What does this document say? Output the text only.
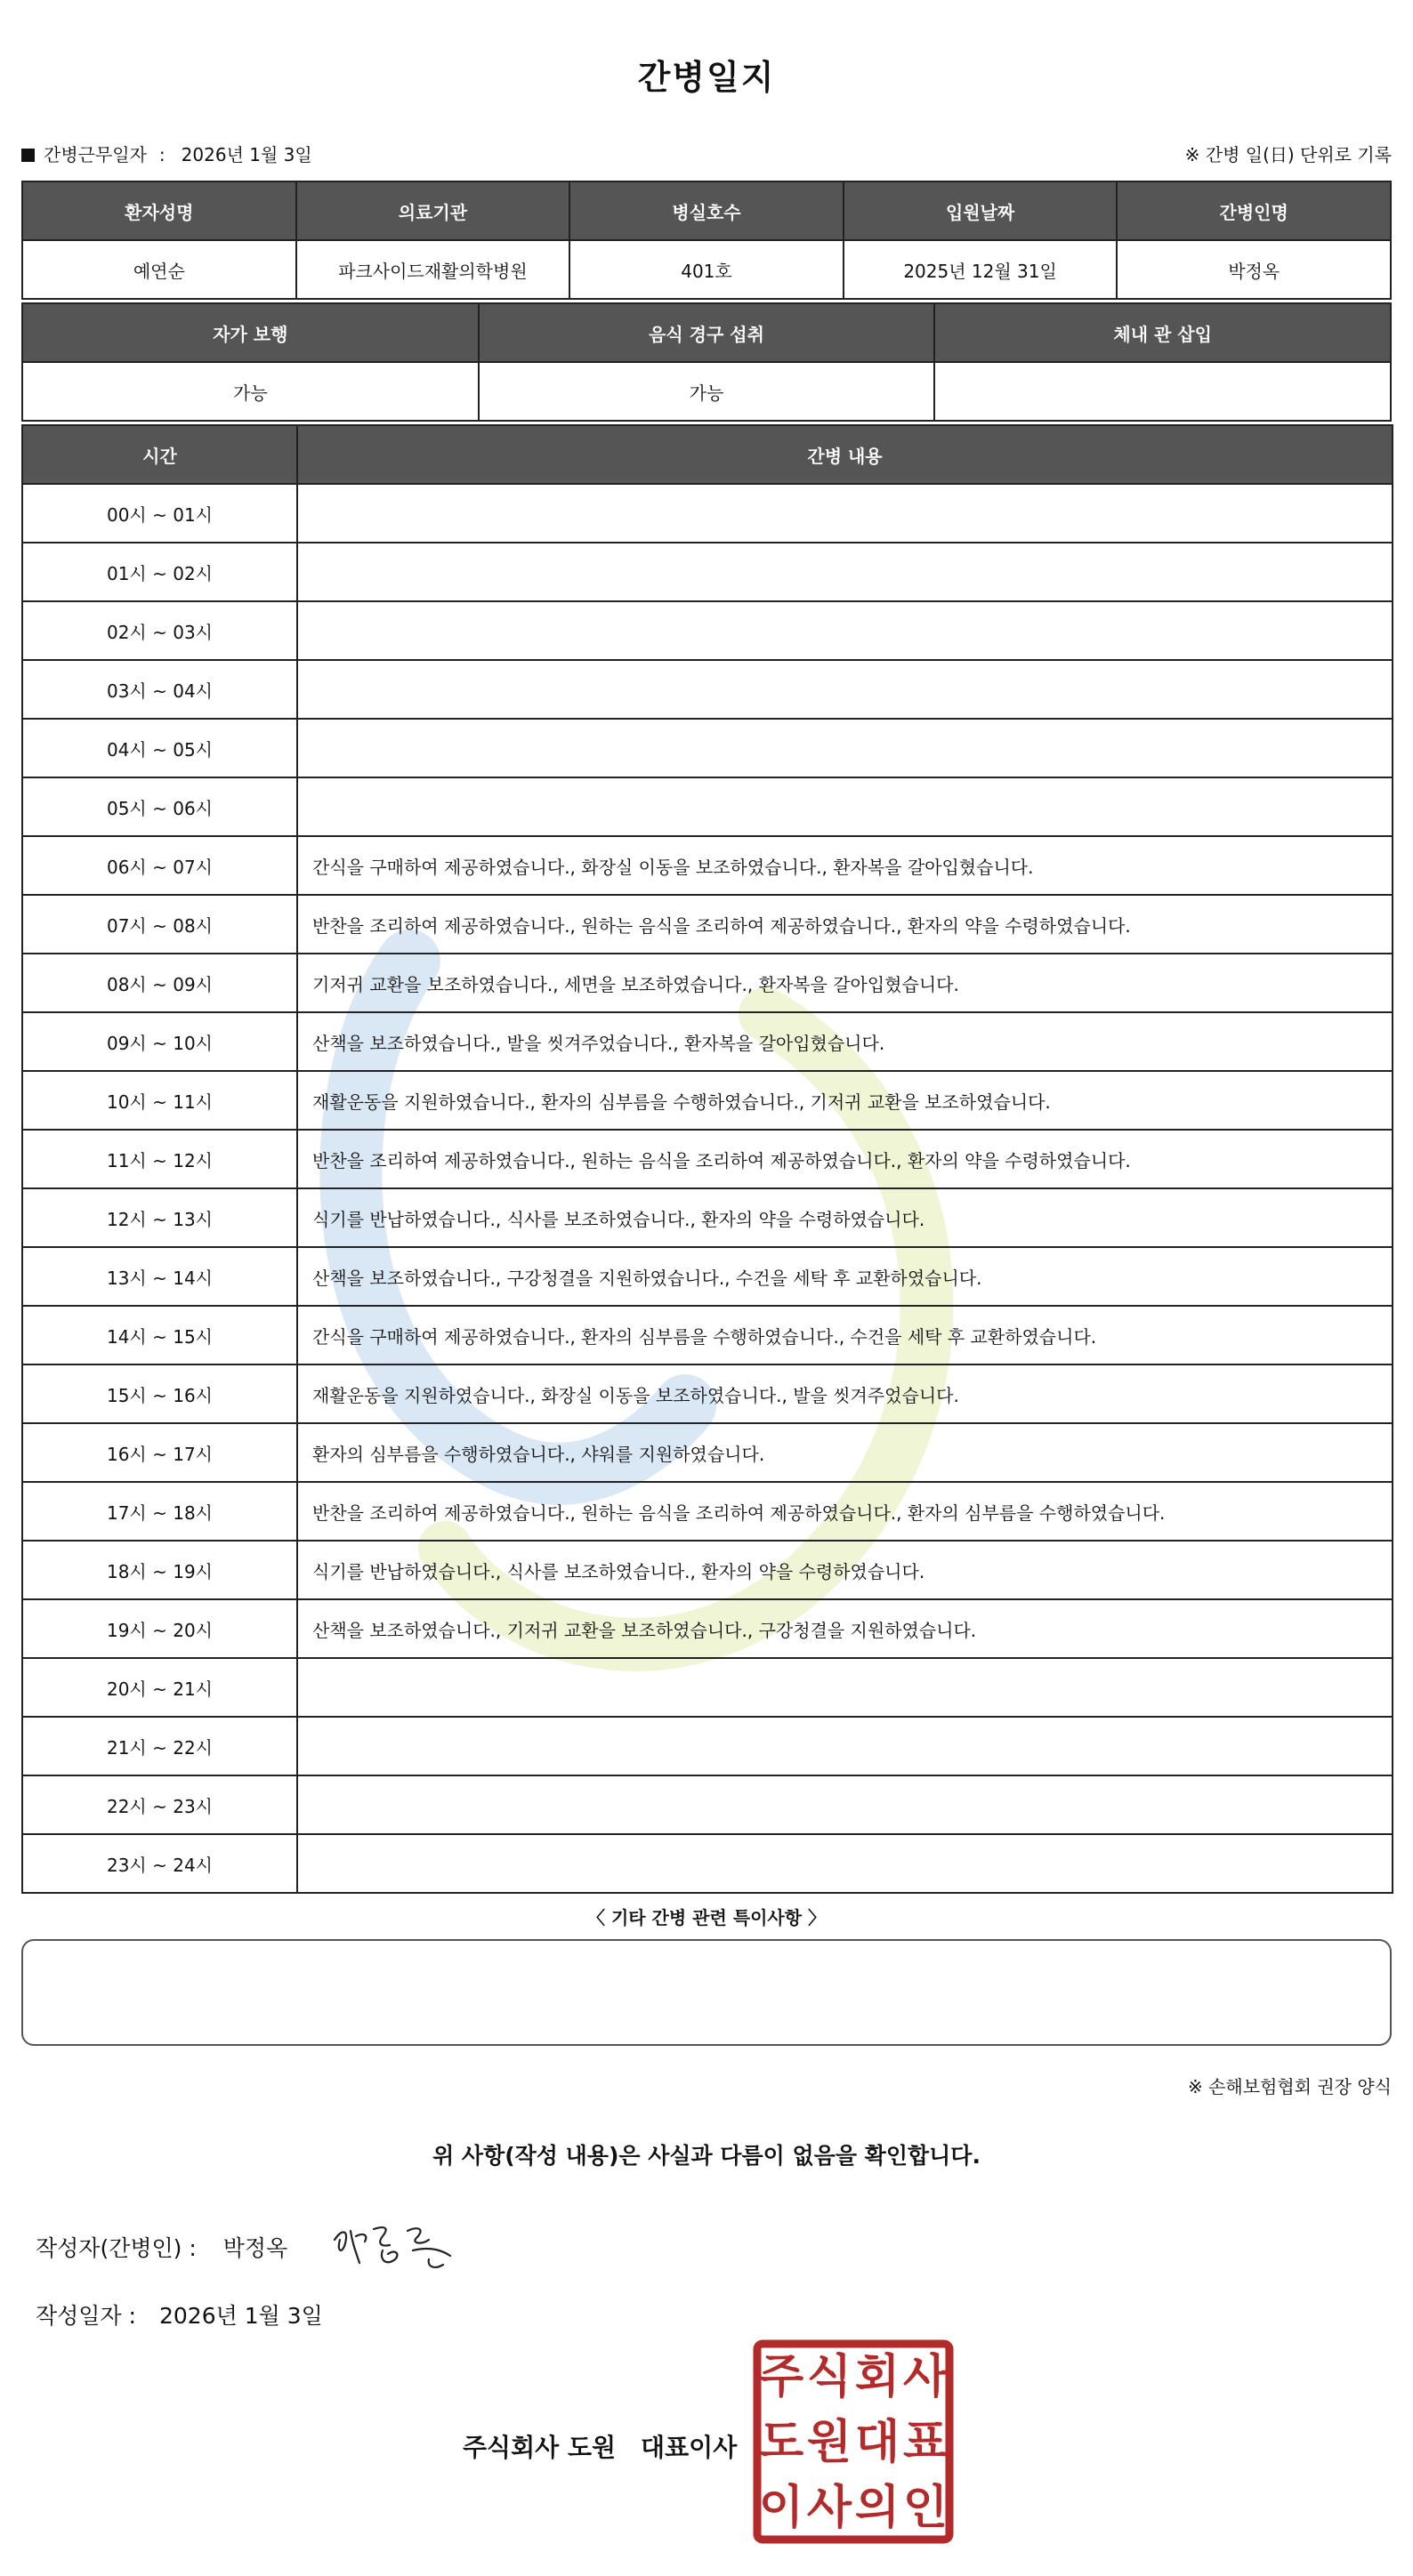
간병일지
간병근무일자 : 2026년 1월 3일	※ 간병 일(日) 단위로 기록
환자성명	의료기관	병실호수	입원날짜	간병인명
예연순	파크사이드재활의학병원	401호	2025년 12월 31일	박정옥
자가 보행	음식 경구 섭취	체내 관 삽입
가능	가능	
시간	간병 내용
00시 ~ 01시	
01시 ~ 02시	
02시 ~ 03시	
03시 ~ 04시	
04시 ~ 05시	
05시 ~ 06시	
06시 ~ 07시	간식을 구매하여 제공하였습니다., 화장실 이동을 보조하였습니다., 환자복을 갈아입혔습니다.
07시 ~ 08시	반찬을 조리하여 제공하였습니다., 원하는 음식을 조리하여 제공하였습니다., 환자의 약을 수령하였습니다.
08시 ~ 09시	기저귀 교환을 보조하였습니다., 세면을 보조하였습니다., 환자복을 갈아입혔습니다.
09시 ~ 10시	산책을 보조하였습니다., 발을 씻겨주었습니다., 환자복을 갈아입혔습니다.
10시 ~ 11시	재활운동을 지원하였습니다., 환자의 심부름을 수행하였습니다., 기저귀 교환을 보조하였습니다.
11시 ~ 12시	반찬을 조리하여 제공하였습니다., 원하는 음식을 조리하여 제공하였습니다., 환자의 약을 수령하였습니다.
12시 ~ 13시	식기를 반납하였습니다., 식사를 보조하였습니다., 환자의 약을 수령하였습니다.
13시 ~ 14시	산책을 보조하였습니다., 구강청결을 지원하였습니다., 수건을 세탁 후 교환하였습니다.
14시 ~ 15시	간식을 구매하여 제공하였습니다., 환자의 심부름을 수행하였습니다., 수건을 세탁 후 교환하였습니다.
15시 ~ 16시	재활운동을 지원하였습니다., 화장실 이동을 보조하였습니다., 발을 씻겨주었습니다.
16시 ~ 17시	환자의 심부름을 수행하였습니다., 샤워를 지원하였습니다.
17시 ~ 18시	반찬을 조리하여 제공하였습니다., 원하는 음식을 조리하여 제공하였습니다., 환자의 심부름을 수행하였습니다.
18시 ~ 19시	식기를 반납하였습니다., 식사를 보조하였습니다., 환자의 약을 수령하였습니다.
19시 ~ 20시	산책을 보조하였습니다., 기저귀 교환을 보조하였습니다., 구강청결을 지원하였습니다.
20시 ~ 21시	
21시 ~ 22시	
22시 ~ 23시	
23시 ~ 24시	
〈 기타 간병 관련 특이사항 〉
※ 손해보험협회 권장 양식
위 사항(작성 내용)은 사실과 다름이 없음을 확인합니다.
작성자(간병인) : 박정옥
작성일자 : 2026년 1월 3일
주식회사 도원 대표이사
주 식 회 사
도 원 대 표
이 사 의 인
